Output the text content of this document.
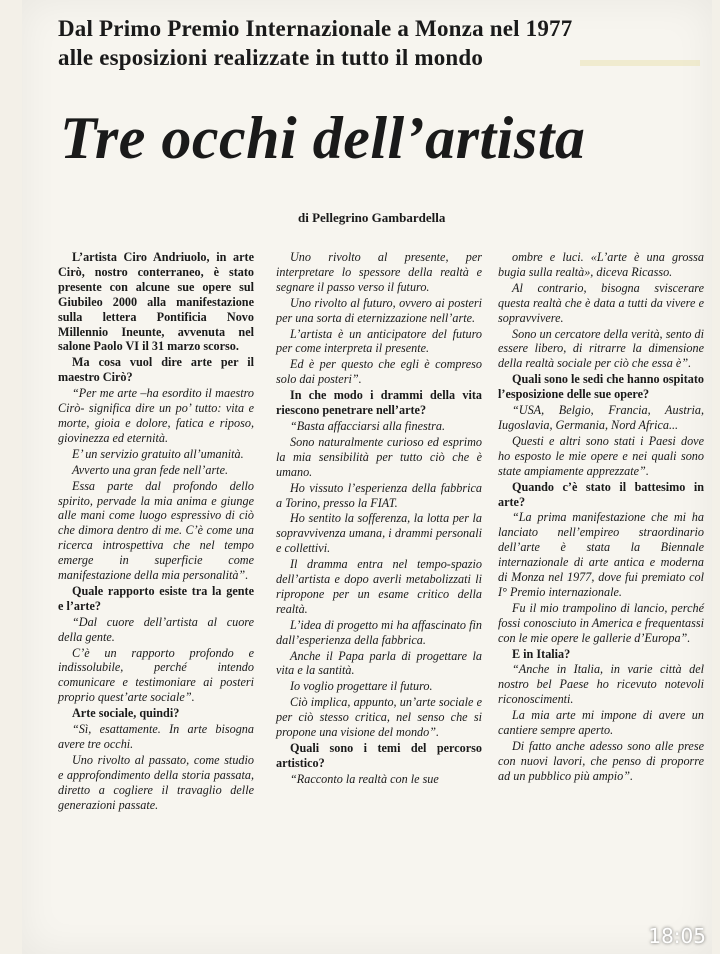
Dal Primo Premio Internazionale a Monza nel 1977
alle esposizioni realizzate in tutto il mondo
Tre occhi dell’artista
di Pellegrino Gambardella

L’artista Ciro Andriuolo, in arte Cirò, nostro conterraneo, è stato presente con alcune sue opere sul Giubileo 2000 alla manifestazione sulla lettera Pontificia Novo Millennio Ineunte, avvenuta nel salone Paolo VI il 31 marzo scorso.

Ma cosa vuol dire arte per il maestro Cirò?

“Per me arte –ha esordito il maestro Cirò- significa dire un po’ tutto: vita e morte, gioia e dolore, fatica e riposo, giovinezza ed eternità.

E’ un servizio gratuito all’umanità.

Avverto una gran fede nell’arte.

Essa parte dal profondo dello spirito, pervade la mia anima e giunge alle mani come luogo espressivo di ciò che dimora dentro di me. C’è come una ricerca introspettiva che nel tempo emerge in superficie come manifestazione della mia personalità”.

Quale rapporto esiste tra la gente e l’arte?

“Dal cuore dell’artista al cuore della gente.

C’è un rapporto profondo e indissolubile, perché intendo comunicare e testimoniare ai posteri proprio quest’arte sociale”.

Arte sociale, quindi?

“Sì, esattamente. In arte bisogna avere tre occhi.

Uno rivolto al passato, come studio e approfondimento della storia passata, diretto a cogliere il travaglio delle generazioni passate.

Uno rivolto al presente, per interpretare lo spessore della realtà e segnare il passo verso il futuro.

Uno rivolto al futuro, ovvero ai posteri per una sorta di eternizzazione nell’arte.

L’artista è un anticipatore del futuro per come interpreta il presente.

Ed è per questo che egli è compreso solo dai posteri”.

In che modo i drammi della vita riescono penetrare nell’arte?

“Basta affacciarsi alla finestra.

Sono naturalmente curioso ed esprimo la mia sensibilità per tutto ciò che è umano.

Ho vissuto l’esperienza della fabbrica a Torino, presso la FIAT.

Ho sentito la sofferenza, la lotta per la sopravvivenza umana, i drammi personali e collettivi.

Il dramma entra nel tempo-spazio dell’artista e dopo averli metabolizzati li ripropone per un esame critico della realtà.

L’idea di progetto mi ha affascinato fin dall’esperienza della fabbrica.

Anche il Papa parla di progettare la vita e la santità.

Io voglio progettare il futuro.

Ciò implica, appunto, un’arte sociale e per ciò stesso critica, nel senso che si propone una visione del mondo”.

Quali sono i temi del percorso artistico?

“Racconto la realtà con le sue

ombre e luci. «L’arte è una grossa bugia sulla realtà», diceva Ricasso.

Al contrario, bisogna sviscerare questa realtà che è data a tutti da vivere e sopravvivere.

Sono un cercatore della verità, sento di essere libero, di ritrarre la dimensione della realtà sociale per ciò che essa è”.

Quali sono le sedi che hanno ospitato l’esposizione delle sue opere?

“USA, Belgio, Francia, Austria, Iugoslavia, Germania, Nord Africa...

Questi e altri sono stati i Paesi dove ho esposto le mie opere e nei quali sono state ampiamente apprezzate”.

Quando c’è stato il battesimo in arte?

“La prima manifestazione che mi ha lanciato nell’empireo straordinario dell’arte è stata la Biennale internazionale di arte antica e moderna di Monza nel 1977, dove fui premiato col I° Premio internazionale.

Fu il mio trampolino di lancio, perché fossi conosciuto in America e frequentassi con le mie opere le gallerie d’Europa”.

E in Italia?

“Anche in Italia, in varie città del nostro bel Paese ho ricevuto notevoli riconoscimenti.

La mia arte mi impone di avere un cantiere sempre aperto.

Di fatto anche adesso sono alle prese con nuovi lavori, che penso di proporre ad un pubblico più ampio”.

18:05
